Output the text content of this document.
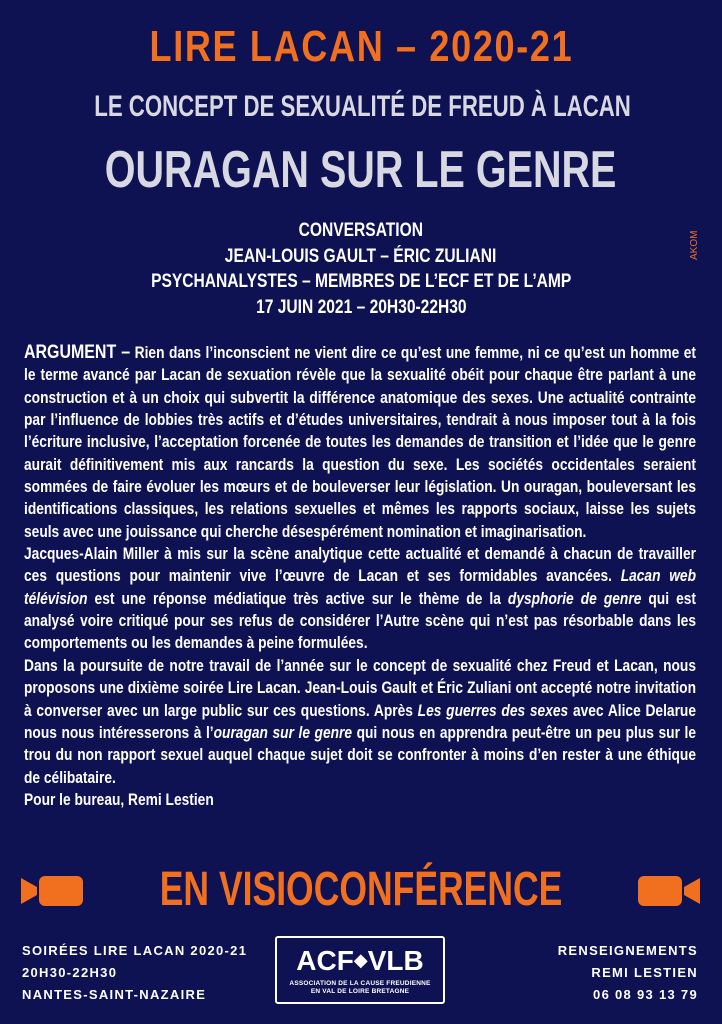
LIRE LACAN – 2020-21
LE CONCEPT DE SEXUALITÉ DE FREUD À LACAN
OURAGAN SUR LE GENRE
CONVERSATION
JEAN-LOUIS GAULT – ÉRIC ZULIANI
PSYCHANALYSTES – MEMBRES DE L’ECF ET DE L’AMP
17 JUIN 2021 – 20H30-22H30
AKOM

ARGUMENT – Rien dans l’inconscient ne vient dire ce qu’est une femme, ni ce qu’est un homme et le terme avancé par Lacan de sexuation révèle que la sexualité obéit pour chaque être parlant à une construction et à un choix qui subvertit la différence anatomique des sexes. Une actualité contrainte par l’influence de lobbies très actifs et d’études universitaires, tendrait à nous imposer tout à la fois l’écriture inclusive, l’acceptation forcenée de toutes les demandes de transition et l’idée que le genre aurait définitivement mis aux rancards la question du sexe. Les sociétés occidentales seraient sommées de faire évoluer les mœurs et de bouleverser leur législation. Un ouragan, bouleversant les identifications classiques, les relations sexuelles et mêmes les rapports sociaux, laisse les sujets seuls avec une jouissance qui cherche désespérément nomination et imaginarisation.

Jacques-Alain Miller à mis sur la scène analytique cette actualité et demandé à chacun de travailler ces questions pour maintenir vive l’œuvre de Lacan et ses formidables avancées. Lacan web télévision est une réponse médiatique très active sur le thème de la dysphorie de genre qui est analysé voire critiqué pour ses refus de considérer l’Autre scène qui n’est pas résorbable dans les comportements ou les demandes à peine formulées.

Dans la poursuite de notre travail de l’année sur le concept de sexualité chez Freud et Lacan, nous proposons une dixième soirée Lire Lacan. Jean-Louis Gault et Éric Zuliani ont accepté notre invitation à converser avec un large public sur ces questions. Après Les guerres des sexes avec Alice Delarue nous nous intéresserons à l’ouragan sur le genre qui nous en apprendra peut-être un peu plus sur le trou du non rapport sexuel auquel chaque sujet doit se confronter à moins d’en rester à une éthique de célibataire.

Pour le bureau, Remi Lestien

EN VISIOCONFÉRENCE
SOIRÉES LIRE LACAN 2020-21
20H30-22H30
NANTES-SAINT-NAZAIRE
ACF◆VLB
ASSOCIATION DE LA CAUSE FREUDIENNE
EN VAL DE LOIRE BRETAGNE
RENSEIGNEMENTS
REMI LESTIEN
06 08 93 13 79
